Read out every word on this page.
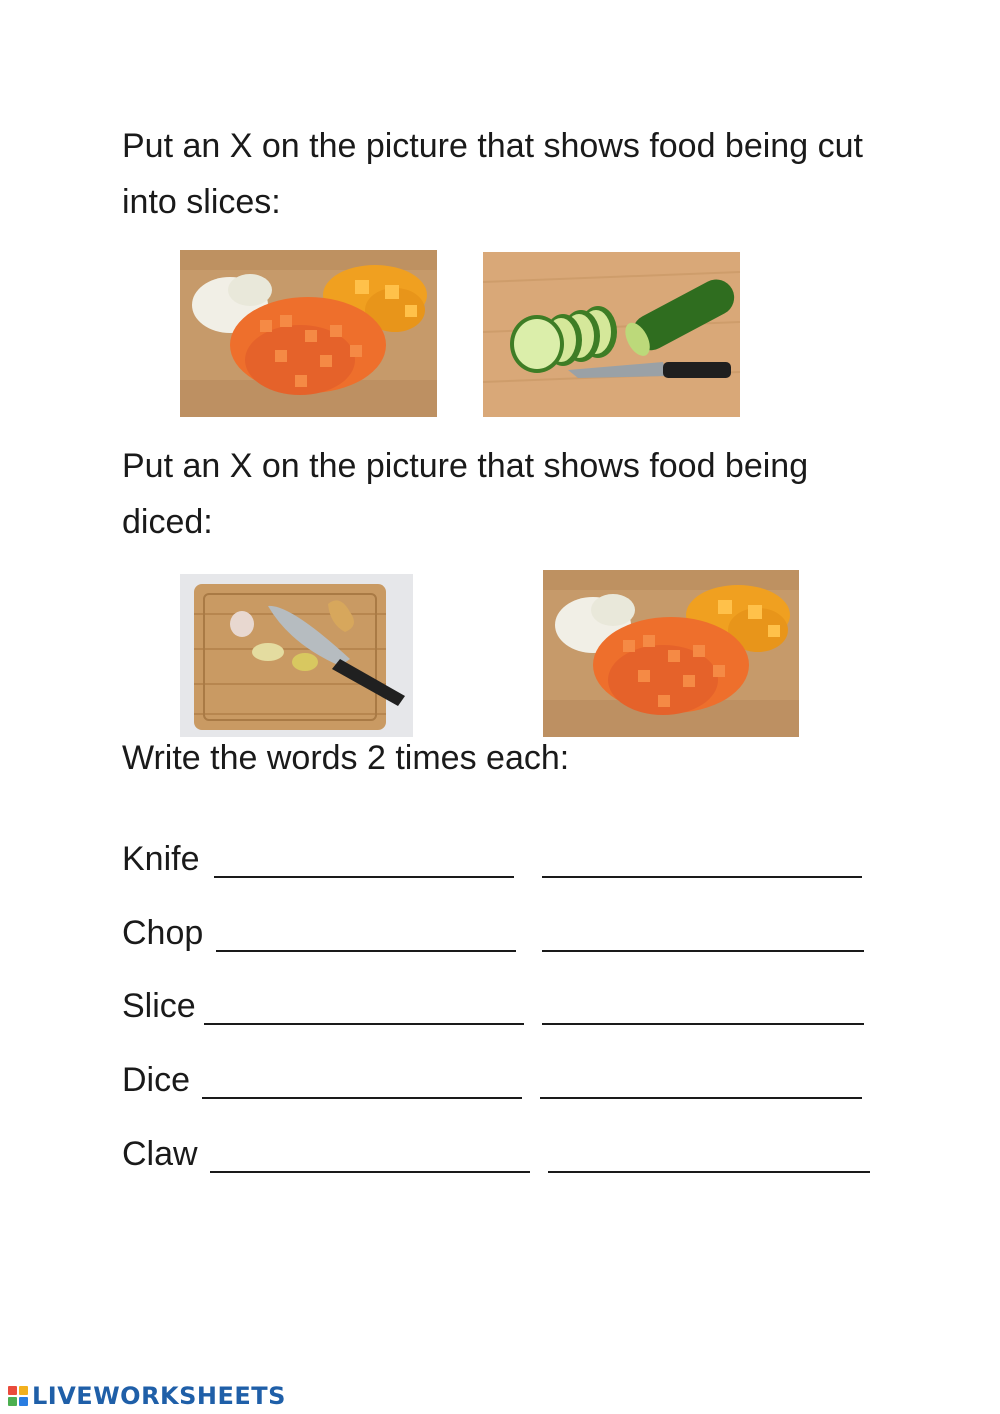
Put an X on the picture that shows food being cut into slices:

Put an X on the picture that shows food being diced:

Write the words 2 times each:

Knife
Chop
Slice
Dice
Claw
LIVEWORKSHEETS
